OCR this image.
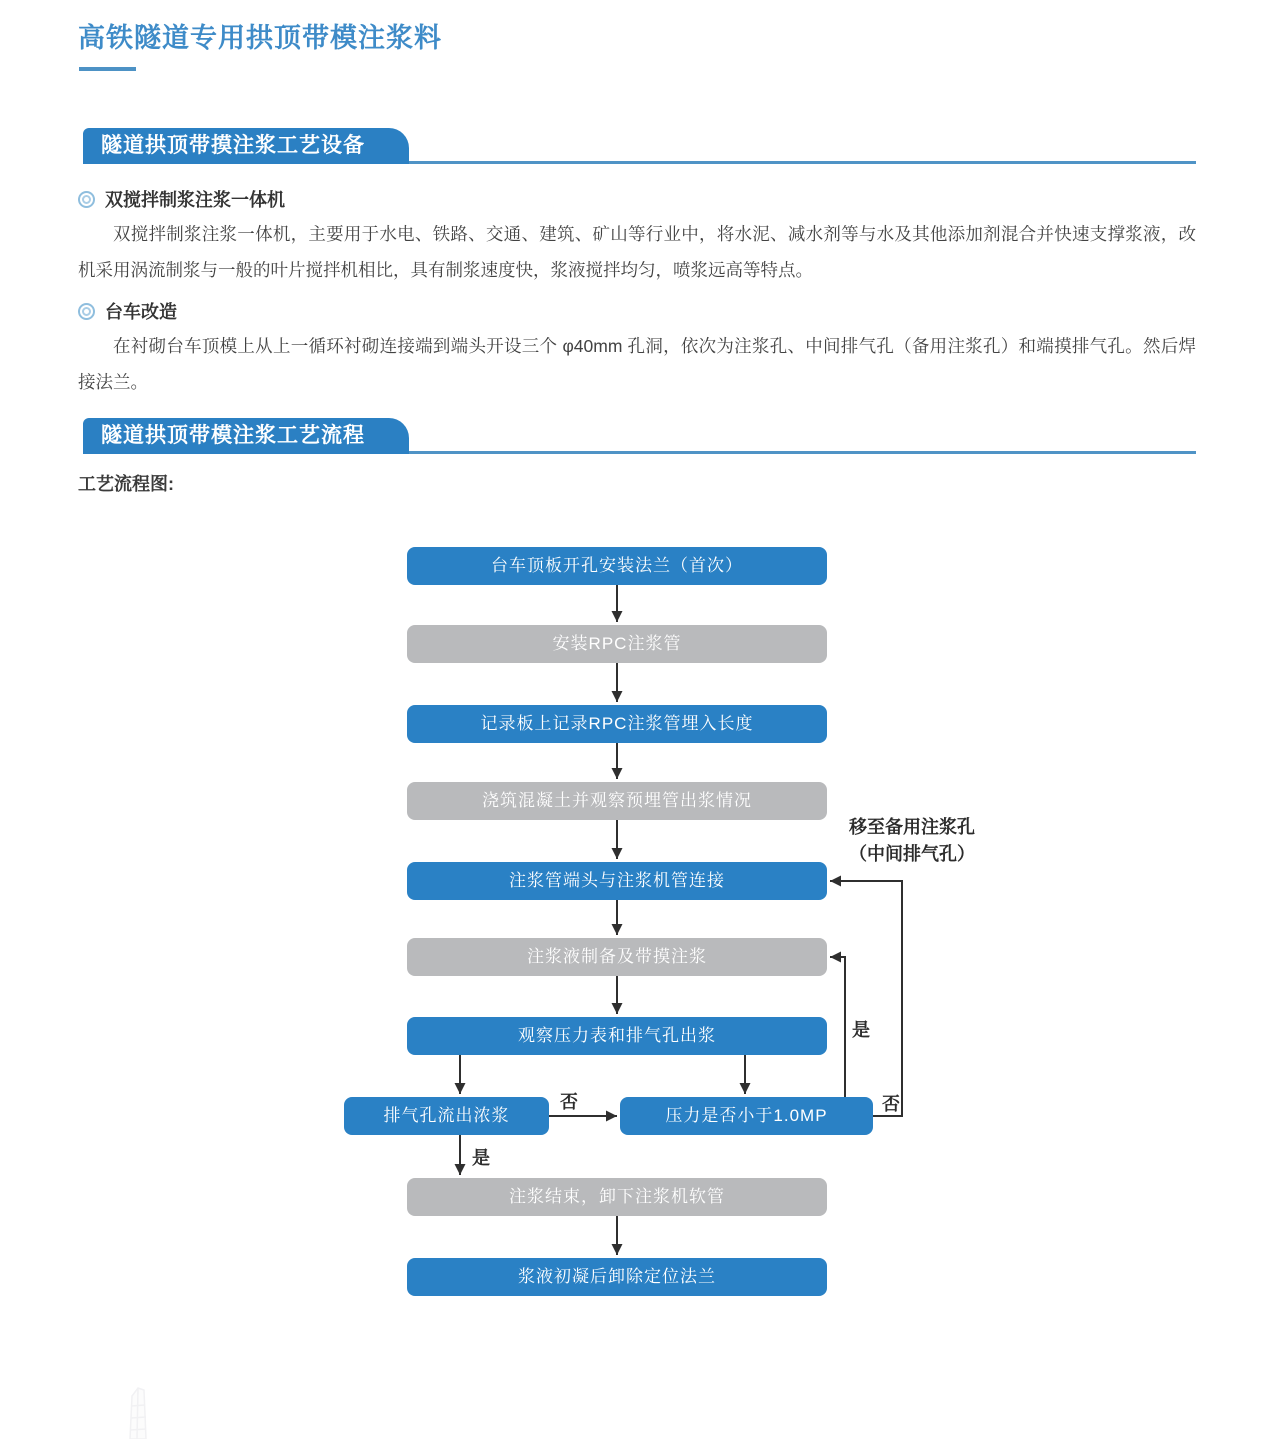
高铁隧道专用拱顶带模注浆料
隧道拱顶带摸注浆工艺设备
双搅拌制浆注浆一体机
双搅拌制浆注浆一体机，主要用于水电、铁路、交通、建筑、矿山等行业中，将水泥、减水剂等与水及其他添加剂混合并快速支撑浆液，改机采用涡流制浆与一般的叶片搅拌机相比，具有制浆速度快，浆液搅拌均匀，喷浆远高等特点。
台车改造
在衬砌台车顶模上从上一循环衬砌连接端到端头开设三个 φ40mm 孔洞，依次为注浆孔、中间排气孔（备用注浆孔）和端摸排气孔。然后焊接法兰。
隧道拱顶带模注浆工艺流程
工艺流程图:
台车顶板开孔安装法兰（首次）
安装RPC注浆管
记录板上记录RPC注浆管埋入长度
浇筑混凝土并观察预埋管出浆情况
注浆管端头与注浆机管连接
注浆液制备及带摸注浆
观察压力表和排气孔出浆
排气孔流出浓浆	压力是否小于1.0MP
注浆结束，卸下注浆机软管
浆液初凝后卸除定位法兰
否
是
是
否
移至备用注浆孔
（中间排气孔）
